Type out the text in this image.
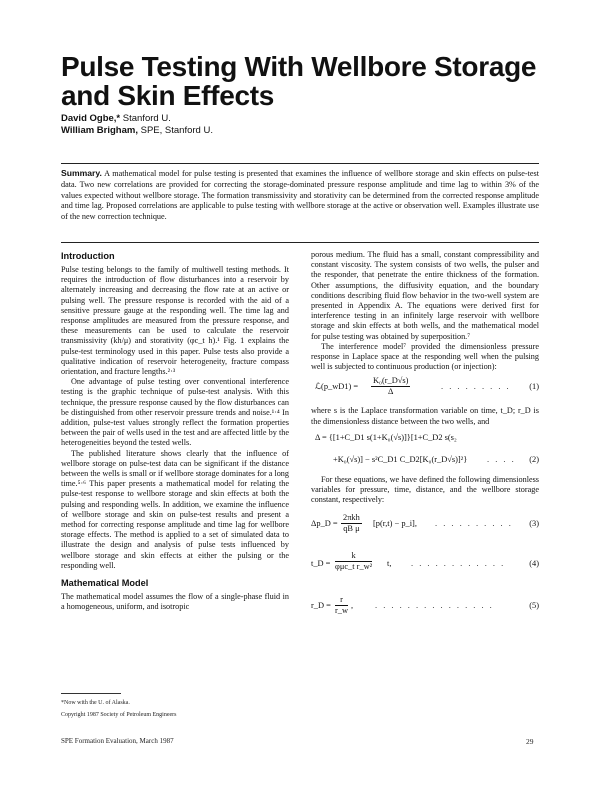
Pulse Testing With Wellbore Storage and Skin Effects
David Ogbe,* Stanford U.
William Brigham, SPE, Stanford U.
Summary. A mathematical model for pulse testing is presented that examines the influence of wellbore storage and skin effects on pulse-test data. Two new correlations are provided for correcting the storage-dominated pressure response amplitude and time lag to within 3% of the values expected without wellbore storage. The formation transmissivity and storativity can be determined from the corrected response amplitude and time lag. Proposed correlations are applicable to pulse testing with wellbore storage at the active or observation well. Examples illustrate use of the new correction technique.
Introduction

Pulse testing belongs to the family of multiwell testing methods. It requires the introduction of flow disturbances into a reservoir by alternately increasing and decreasing the flow rate at an active or pulsing well. The pressure response is recorded with the aid of a sensitive pressure gauge at the responding well. The time lag and response amplitudes are measured from the pressure response, and these measurements can be used to calculate the reservoir transmissivity (kh/μ) and storativity (φc_t h).¹ Fig. 1 explains the pulse-test terminology used in this paper. Pulse tests also provide a qualitative indication of reservoir heterogeneity, fracture compass orientation, and fracture lengths.²·³

One advantage of pulse testing over conventional interference testing is the graphic technique of pulse-test analysis. With this technique, the pressure response caused by the flow disturbances can be distinguished from other reservoir pressure trends and noise.¹·⁴ In addition, pulse-test values strongly reflect the formation properties between the pair of wells used in the test and are affected little by the heterogeneities beyond the tested wells.

The published literature shows clearly that the influence of wellbore storage on pulse-test data can be significant if the distance between the wells is small or if wellbore storage dominates for a long time.⁵·⁶ This paper presents a mathematical model for relating the pulse-test response to wellbore storage and skin effects at both the pulsing and responding wells. In addition, we examine the influence of wellbore storage and skin on pulse-test results and present a method for correcting response amplitude and time lag for wellbore storage effects. The method is applied to a set of simulated data to illustrate the design and analysis of pulse tests influenced by wellbore storage and skin effects at either the pulsing or the responding well.

Mathematical Model

The mathematical model assumes the flow of a single-phase fluid in a homogeneous, uniform, and isotropic

porous medium. The fluid has a small, constant compressibility and constant viscosity. The system consists of two wells, the pulser and the responder, that penetrate the entire thickness of the formation. Other assumptions, the diffusivity equation, and the boundary conditions describing fluid flow behavior in the two-well system are presented in Appendix A. The equations were derived first for interference testing in an infinitely large reservoir with wellbore storage and skin effects at both wells, and the mathematical model for pulse testing was obtained by superposition.⁷

The interference model⁷ provided the dimensionless pressure response in Laplace space at the responding well when the pulsing well is subjected to continuous production (or injection):

ℒ(p_wD1) = $\frac{\text{K₀(r\_D√s)}}{\Delta}$	. . . . . . . . . (1)

where s is the Laplace transformation variable on time, t_D; r_D is the dimensionless distance between the two wells, and

Δ = {[1+C_D1 s(1+K₀(√s)]}[1+C_D2 s(s₂
+K₀(√s)] − s²C_D1 C_D2[K₀(r_D√s)]²} . . . . (2)

For these equations, we have defined the following dimensionless variables for pressure, time, distance, and the wellbore storage constant, respectively:

Δp_D =
2πkh
qB μ
[p(r,t) − p_i], . . . . . . . . . . (3)
t_D =
k
φμc_t r_w² t, . . . . . . . . . . . .	(4)
r_D = $\frac{r}{r\_w}$ ,	. . . . . . . . . . . . . . .	(5)
*Now with the U. of Alaska.
Copyright 1987 Society of Petroleum Engineers
SPE Formation Evaluation, March 1987	29
